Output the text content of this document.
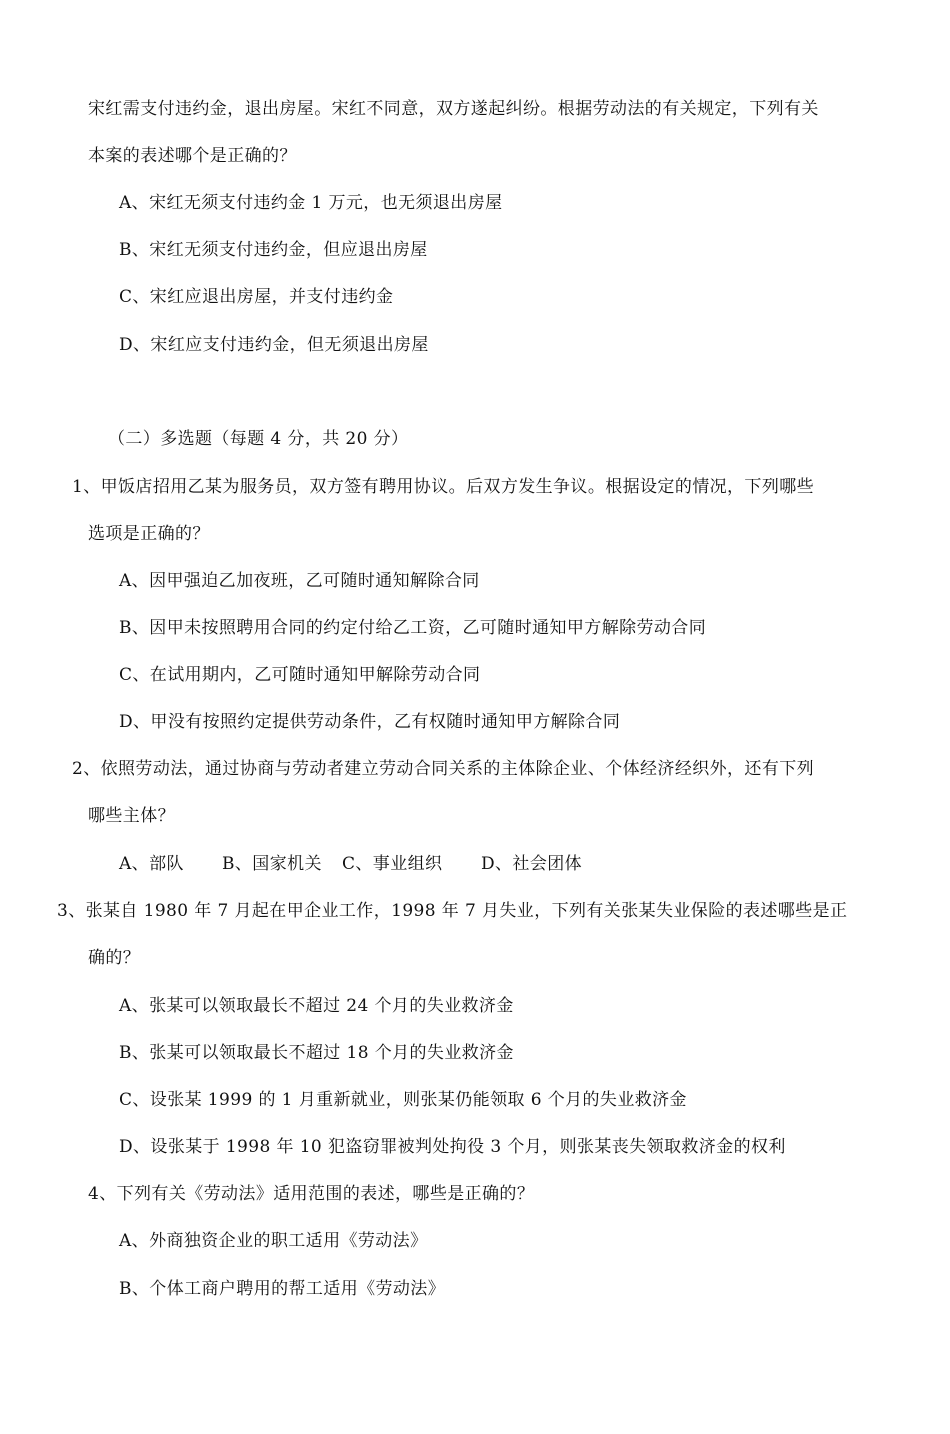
宋红需支付违约金，退出房屋。宋红不同意，双方遂起纠纷。根据劳动法的有关规定，下列有关
本案的表述哪个是正确的？
A、宋红无须支付违约金 1 万元，也无须退出房屋
B、宋红无须支付违约金，但应退出房屋
C、宋红应退出房屋，并支付违约金
D、宋红应支付违约金，但无须退出房屋
（二）多选题（每题 4 分，共 20 分）
1、甲饭店招用乙某为服务员，双方签有聘用协议。后双方发生争议。根据设定的情况，下列哪些
选项是正确的？
A、因甲强迫乙加夜班，乙可随时通知解除合同
B、因甲未按照聘用合同的约定付给乙工资，乙可随时通知甲方解除劳动合同
C、在试用期内，乙可随时通知甲解除劳动合同
D、甲没有按照约定提供劳动条件，乙有权随时通知甲方解除合同
2、依照劳动法，通过协商与劳动者建立劳动合同关系的主体除企业、个体经济经织外，还有下列
哪些主体？
A、部队 B、国家机关 C、事业组织 D、社会团体
3、张某自 1980 年 7 月起在甲企业工作，1998 年 7 月失业，下列有关张某失业保险的表述哪些是正
确的？
A、张某可以领取最长不超过 24 个月的失业救济金
B、张某可以领取最长不超过 18 个月的失业救济金
C、设张某 1999 的 1 月重新就业，则张某仍能领取 6 个月的失业救济金
D、设张某于 1998 年 10 犯盗窃罪被判处拘役 3 个月，则张某丧失领取救济金的权利
4、下列有关《劳动法》适用范围的表述，哪些是正确的？
A、外商独资企业的职工适用《劳动法》
B、个体工商户聘用的帮工适用《劳动法》
